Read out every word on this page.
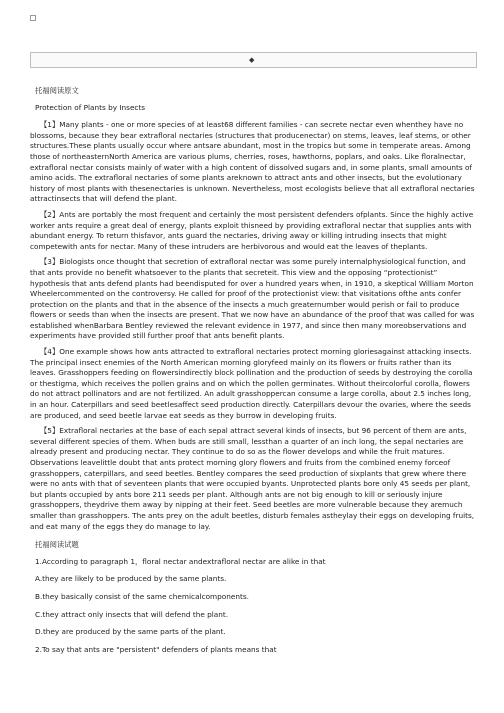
◆
托福阅读原文
Protection of Plants by Insects

【1】Many plants - one or more species of at least68 different families - can secrete nectar even whenthey have no blossoms, because they bear extrafloral nectaries (structures that producenectar) on stems, leaves, leaf stems, or other structures.These plants usually occur where antsare abundant, most in the tropics but some in temperate areas. Among those of northeasternNorth America are various plums, cherries, roses, hawthorns, poplars, and oaks. Like floralnectar, extrafloral nectar consists mainly of water with a high content of dissolved sugars and, in some plants, small amounts of amino acids. The extrafloral nectaries of some plants areknown to attract ants and other insects, but the evolutionary history of most plants with thesenectaries is unknown. Nevertheless, most ecologists believe that all extrafloral nectaries attractinsects that will defend the plant.

【2】Ants are portably the most frequent and certainly the most persistent defenders ofplants. Since the highly active worker ants require a great deal of energy, plants exploit thisneed by providing extrafloral nectar that supplies ants with abundant energy. To return thisfavor, ants guard the nectaries, driving away or killing intruding insects that might competewith ants for nectar. Many of these intruders are herbivorous and would eat the leaves of theplants.

【3】Biologists once thought that secretion of extrafloral nectar was some purely internalphysiological function, and that ants provide no benefit whatsoever to the plants that secreteit. This view and the opposing “protectionist” hypothesis that ants defend plants had beendisputed for over a hundred years when, in 1910, a skeptical William Morton Wheelercommented on the controversy. He called for proof of the protectionist view: that visitations ofthe ants confer protection on the plants and that in the absence of the insects a much greaternumber would perish or fail to produce flowers or seeds than when the insects are present. That we now have an abundance of the proof that was called for was established whenBarbara Bentley reviewed the relevant evidence in 1977, and since then many moreobservations and experiments have provided still further proof that ants benefit plants.

【4】One example shows how ants attracted to extrafloral nectaries protect morning gloriesagainst attacking insects. The principal insect enemies of the North American morning gloryfeed mainly on its flowers or fruits rather than its leaves. Grasshoppers feeding on flowersindirectly block pollination and the production of seeds by destroying the corolla or thestigma, which receives the pollen grains and on which the pollen germinates. Without theircolorful corolla, flowers do not attract pollinators and are not fertilized. An adult grasshoppercan consume a large corolla, about 2.5 inches long, in an hour. Caterpillars and seed beetlesaffect seed production directly. Caterpillars devour the ovaries, where the seeds are produced, and seed beetle larvae eat seeds as they burrow in developing fruits.

【5】Extrafloral nectaries at the base of each sepal attract several kinds of insects, but 96 percent of them are ants, several different species of them. When buds are still small, lessthan a quarter of an inch long, the sepal nectaries are already present and producing nectar. They continue to do so as the flower develops and while the fruit matures. Observations leavelittle doubt that ants protect morning glory flowers and fruits from the combined enemy forceof grasshoppers, caterpillars, and seed beetles. Bentley compares the seed production of sixplants that grew where there were no ants with that of seventeen plants that were occupied byants. Unprotected plants bore only 45 seeds per plant, but plants occupied by ants bore 211 seeds per plant. Although ants are not big enough to kill or seriously injure grasshoppers, theydrive them away by nipping at their feet. Seed beetles are more vulnerable because they aremuch smaller than grasshoppers. The ants prey on the adult beetles, disturb females astheylay their eggs on developing fruits, and eat many of the eggs they do manage to lay.

托福阅读试题
1.According to paragraph 1，floral nectar andextrafloral nectar are alike in that
A.they are likely to be produced by the same plants.
B.they basically consist of the same chemicalcomponents.
C.they attract only insects that will defend the plant.
D.they are produced by the same parts of the plant.
2.To say that ants are "persistent" defenders of plants means that
